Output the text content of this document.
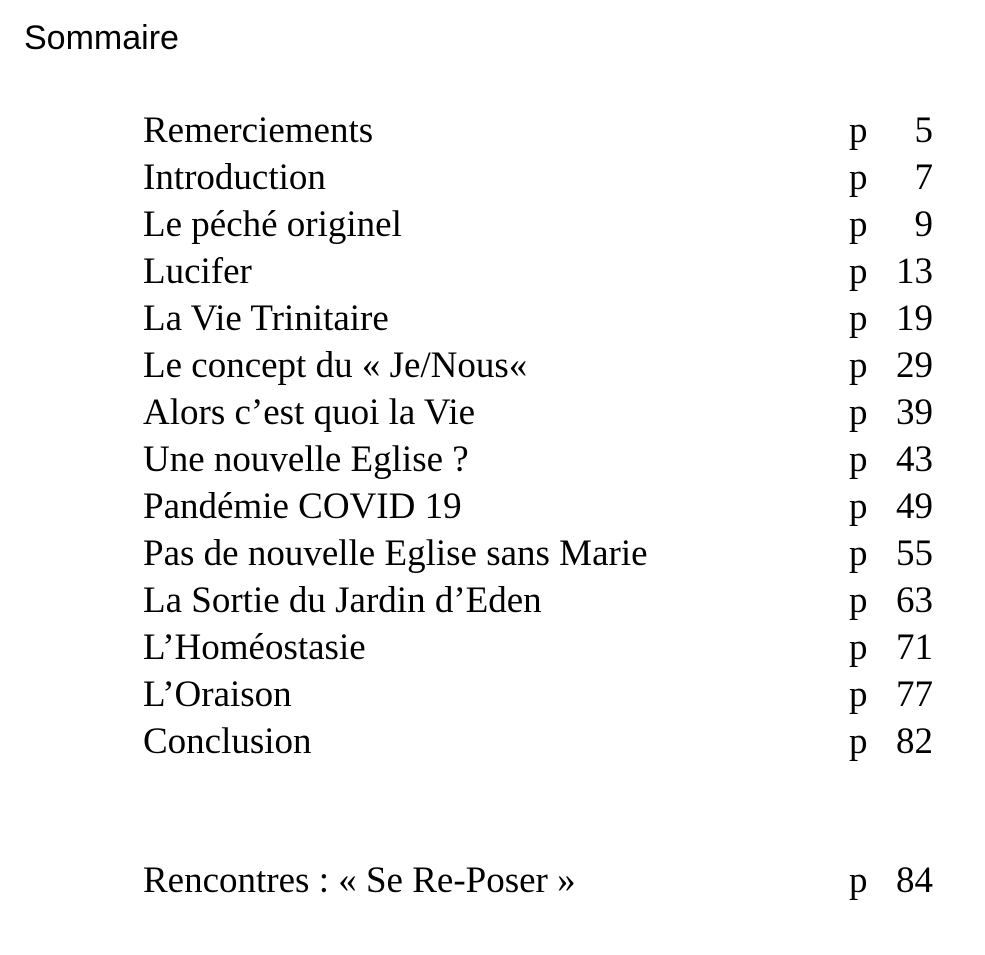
Sommaire
Remerciements	p	5
Introduction	p	7
Le péché originel	p	9
Lucifer	p 13
La Vie Trinitaire	p 19
Le concept du « Je/Nous«	p 29
Alors c’est quoi la Vie	p 39
Une nouvelle Eglise ?	p 43
Pandémie COVID 19	p 49
Pas de nouvelle Eglise sans Marie	p 55
La Sortie du Jardin d’Eden	p 63
L’Homéostasie	p 71
L’Oraison	p 77
Conclusion	p 82
Rencontres : « Se Re-Poser »	p 84
